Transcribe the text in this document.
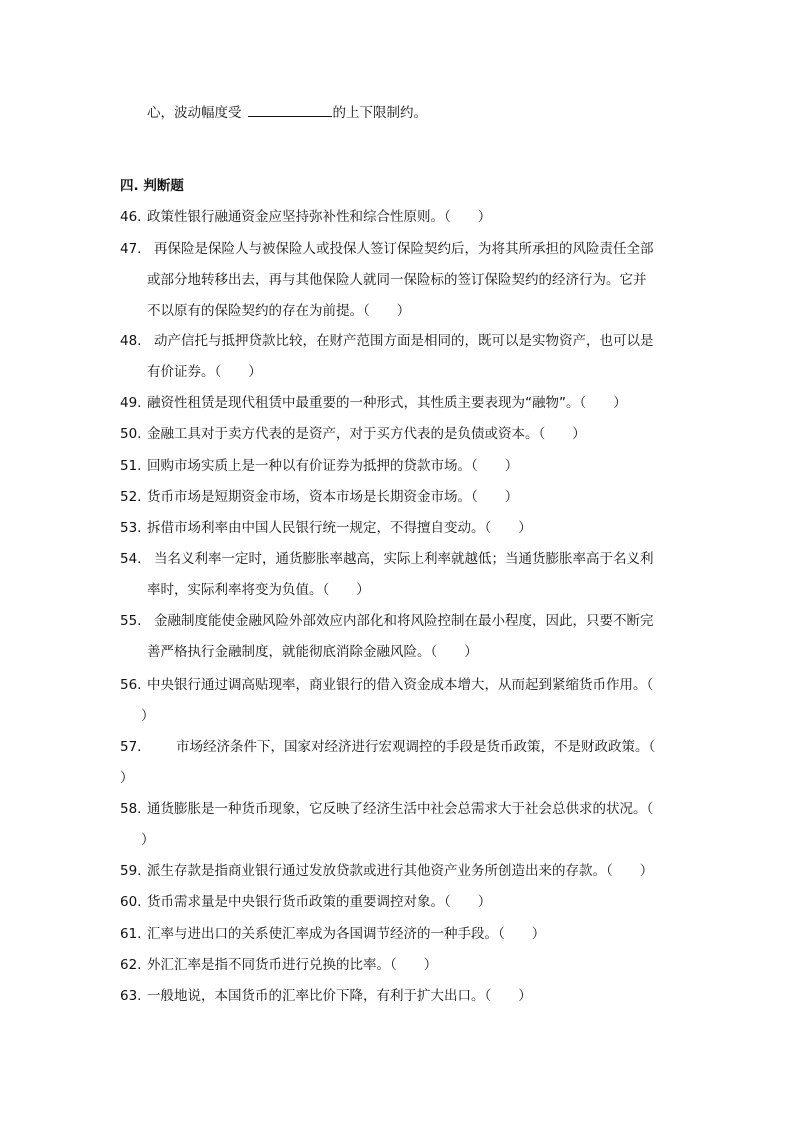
心，波动幅度受	的上下限制约。
四. 判断题
46. 政策性银行融通资金应坚持弥补性和综合性原则。（　　）
47. 再保险是保险人与被保险人或投保人签订保险契约后，为将其所承担的风险责任全部
或部分地转移出去，再与其他保险人就同一保险标的签订保险契约的经济行为。它并
不以原有的保险契约的存在为前提。（　　）
48. 动产信托与抵押贷款比较，在财产范围方面是相同的，既可以是实物资产，也可以是
有价证券。（　　）
49. 融资性租赁是现代租赁中最重要的一种形式，其性质主要表现为“融物”。（　　）
50. 金融工具对于卖方代表的是资产，对于买方代表的是负债或资本。（　　）
51. 回购市场实质上是一种以有价证券为抵押的贷款市场。（　　）
52. 货币市场是短期资金市场，资本市场是长期资金市场。（　　）
53. 拆借市场利率由中国人民银行统一规定，不得擅自变动。（　　）
54. 当名义利率一定时，通货膨胀率越高，实际上利率就越低；当通货膨胀率高于名义利
率时，实际利率将变为负值。（　　）
55. 金融制度能使金融风险外部效应内部化和将风险控制在最小程度，因此，只要不断完
善严格执行金融制度，就能彻底消除金融风险。（　　）
56. 中央银行通过调高贴现率，商业银行的借入资金成本增大，从而起到紧缩货币作用。（
）
57.	市场经济条件下，国家对经济进行宏观调控的手段是货币政策，不是财政政策。（
）
58. 通货膨胀是一种货币现象，它反映了经济生活中社会总需求大于社会总供求的状况。（
）
59. 派生存款是指商业银行通过发放贷款或进行其他资产业务所创造出来的存款。（　　）
60. 货币需求量是中央银行货币政策的重要调控对象。（　　）
61. 汇率与进出口的关系使汇率成为各国调节经济的一种手段。（　　）
62. 外汇汇率是指不同货币进行兑换的比率。（　　）
63. 一般地说，本国货币的汇率比价下降，有利于扩大出口。（　　）
